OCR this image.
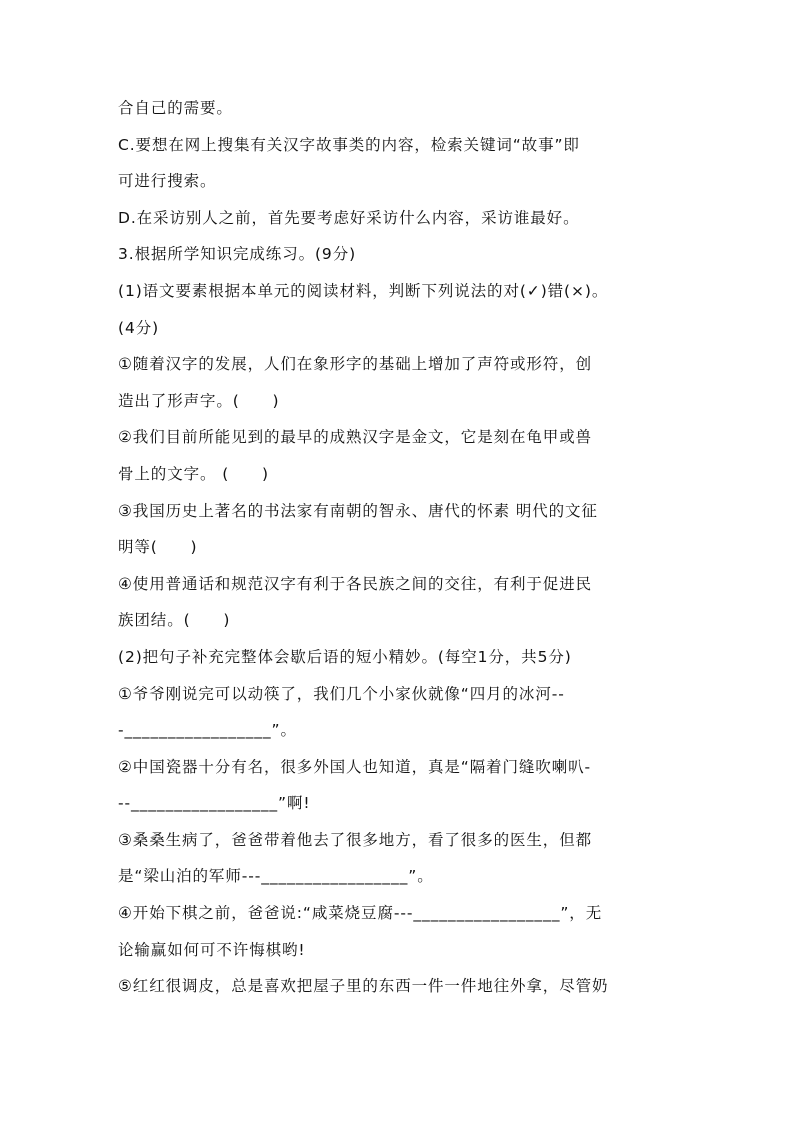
合自己的需要。
C.要想在网上搜集有关汉字故事类的内容，检索关键词“故事”即
可进行搜索。
D.在采访别人之前，首先要考虑好采访什么内容，采访谁最好。
3.根据所学知识完成练习。(9分)
(1)语文要素根据本单元的阅读材料，判断下列说法的对(✓)错(×)。
(4分)
①随着汉字的发展，人们在象形字的基础上增加了声符或形符，创
造出了形声字。(　　)
②我们目前所能见到的最早的成熟汉字是金文，它是刻在龟甲或兽
骨上的文字。 (　　)
③我国历史上著名的书法家有南朝的智永、唐代的怀素 明代的文征
明等(　　)
④使用普通话和规范汉字有利于各民族之间的交往，有利于促进民
族团结。(　　)
(2)把句子补充完整体会歇后语的短小精妙。(每空1分，共5分)
①爷爷刚说完可以动筷了，我们几个小家伙就像“四月的冰河--
-_________________”。
②中国瓷器十分有名，很多外国人也知道，真是“隔着门缝吹喇叭-
--_________________”啊!
③桑桑生病了，爸爸带着他去了很多地方，看了很多的医生，但都
是“梁山泊的军师---_________________”。
④开始下棋之前，爸爸说:“咸菜烧豆腐---_________________”，无
论输赢如何可不许悔棋哟!
⑤红红很调皮，总是喜欢把屋子里的东西一件一件地往外拿，尽管奶
